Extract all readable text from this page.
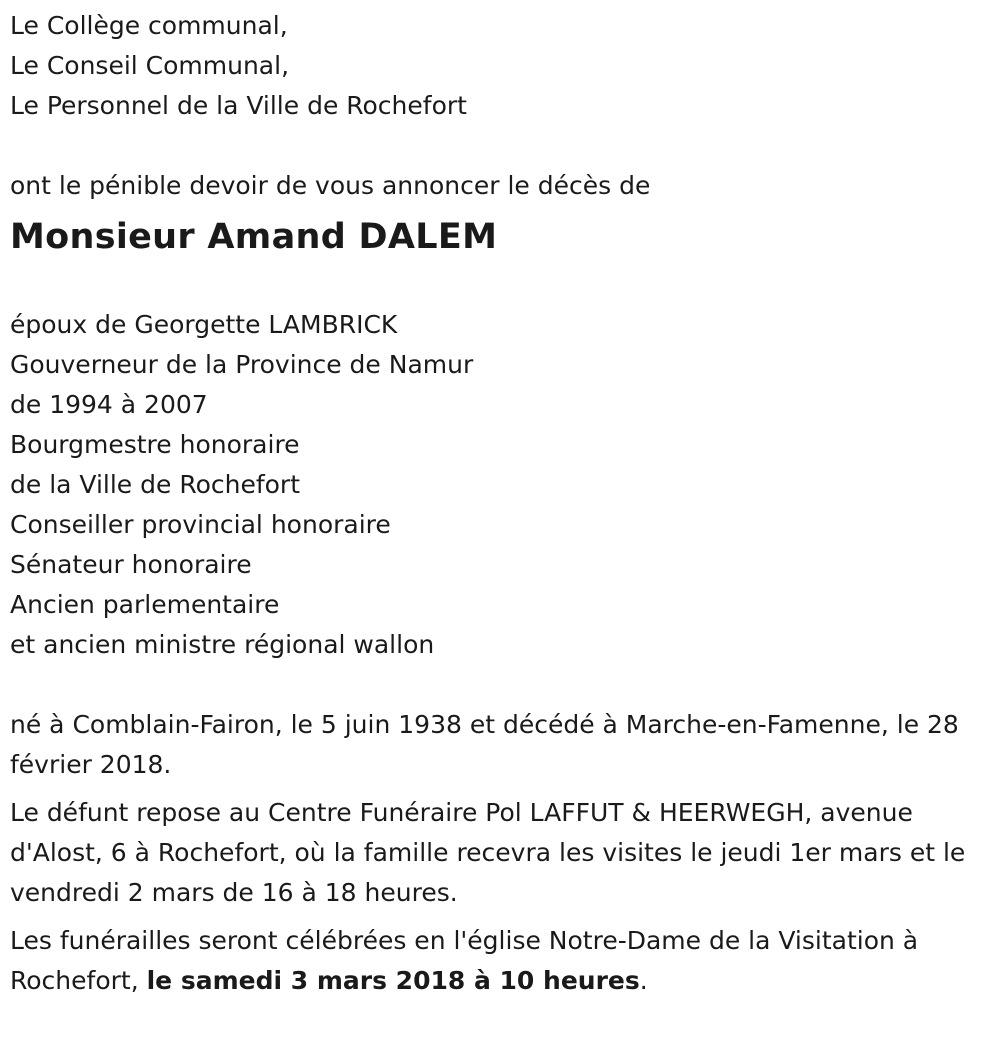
Le Collège communal,
Le Conseil Communal,
Le Personnel de la Ville de Rochefort
ont le pénible devoir de vous annoncer le décès de
Monsieur Amand DALEM
époux de Georgette LAMBRICK
Gouverneur de la Province de Namur
de 1994 à 2007
Bourgmestre honoraire
de la Ville de Rochefort
Conseiller provincial honoraire
Sénateur honoraire
Ancien parlementaire
et ancien ministre régional wallon

né à Comblain-Fairon, le 5 juin 1938 et décédé à Marche-en-Famenne, le 28 février 2018.

Le défunt repose au Centre Funéraire Pol LAFFUT & HEERWEGH, avenue d'Alost, 6 à Rochefort, où la famille recevra les visites le jeudi 1er mars et le vendredi 2 mars de 16 à 18 heures.

Les funérailles seront célébrées en l'église Notre-Dame de la Visitation à Rochefort, le samedi 3 mars 2018 à 10 heures.
